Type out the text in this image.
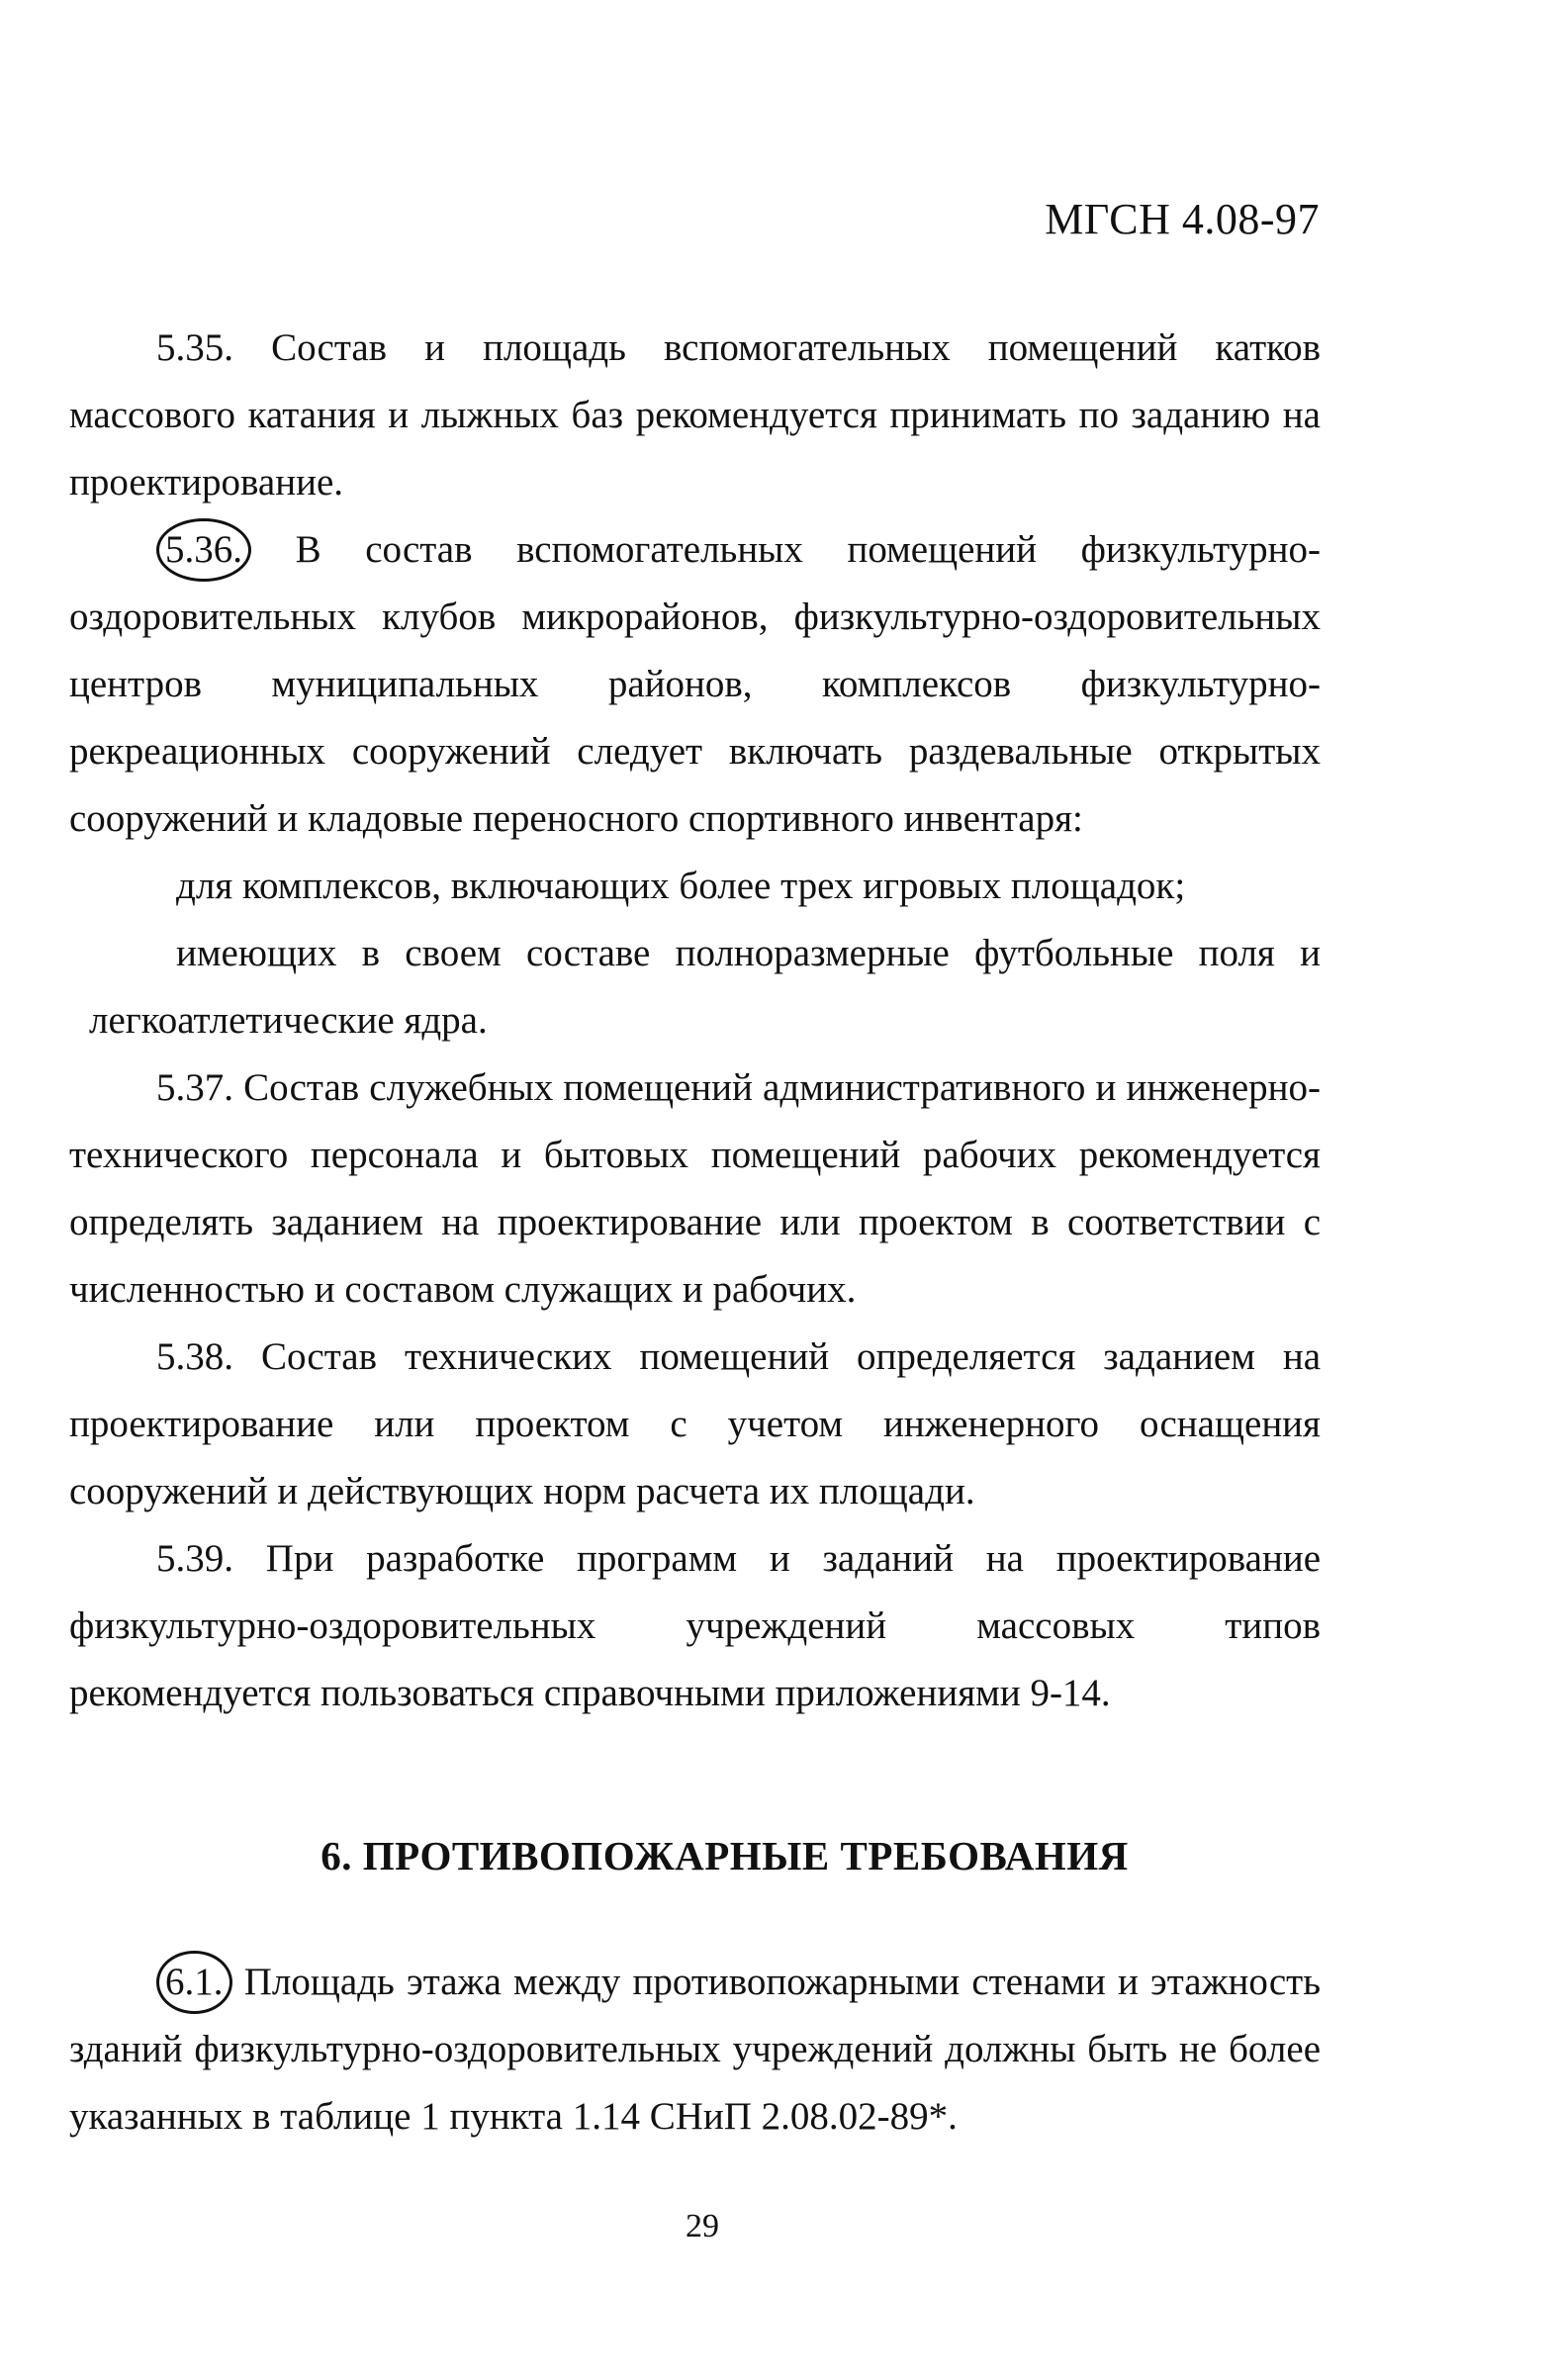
МГСН 4.08-97

5.35. Состав и площадь вспомогательных помещений катков массового катания и лыжных баз рекомендуется принимать по заданию на проектирование.

5.36. В состав вспомогательных помещений физкультурно-оздоровительных клубов микрорайонов, физкультурно-оздоровительных центров муниципальных районов, комплексов физкультурно-рекреационных сооружений следует включать раздевальные открытых сооружений и кладовые переносного спортивного инвентаря:

для комплексов, включающих более трех игровых площадок;

имеющих в своем составе полноразмерные футбольные поля и легкоатлетические ядра.

5.37. Состав служебных помещений административного и инженерно-технического персонала и бытовых помещений рабочих рекомендуется определять заданием на проектирование или проектом в соответствии с численностью и составом служащих и рабочих.

5.38. Состав технических помещений определяется заданием на проектирование или проектом с учетом инженерного оснащения сооружений и действующих норм расчета их площади.

5.39. При разработке программ и заданий на проектирование физкультурно-оздоровительных учреждений массовых типов рекомендуется пользоваться справочными приложениями 9-14.

6. ПРОТИВОПОЖАРНЫЕ ТРЕБОВАНИЯ

6.1. Площадь этажа между противопожарными стенами и этажность зданий физкультурно-оздоровительных учреждений должны быть не более указанных в таблице 1 пункта 1.14 СНиП 2.08.02-89*.

29
